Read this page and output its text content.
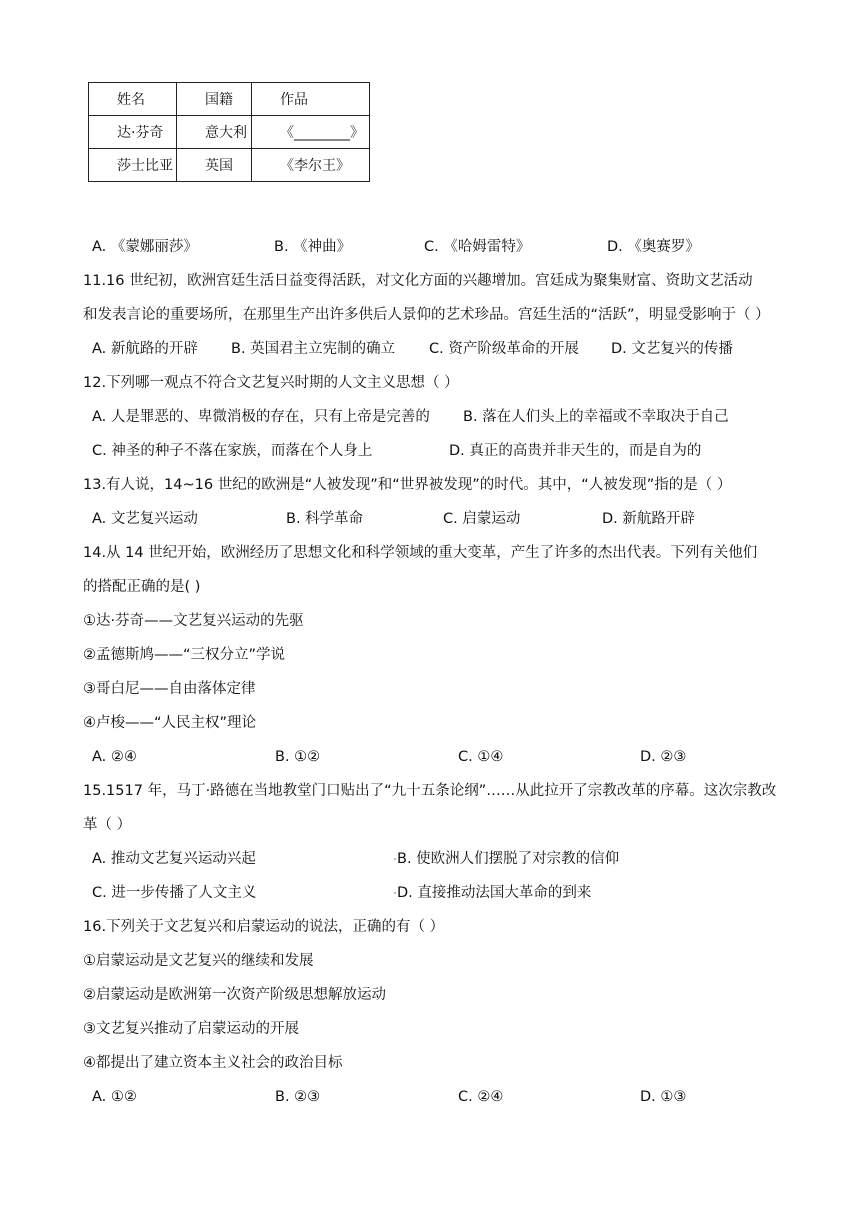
姓名	国籍	作品
达·芬奇	意大利	《________》
莎士比亚	英国	《李尔王》
A. 《蒙娜丽莎》	B. 《神曲》	C. 《哈姆雷特》	D. 《奥赛罗》
11.16 世纪初，欧洲宫廷生活日益变得活跃，对文化方面的兴趣增加。宫廷成为聚集财富、资助文艺活动
和发表言论的重要场所，在那里生产出许多供后人景仰的艺术珍品。宫廷生活的“活跃”，明显受影响于（ ）
A. 新航路的开辟 B. 英国君主立宪制的确立 C. 资产阶级革命的开展 D. 文艺复兴的传播
12.下列哪一观点不符合文艺复兴时期的人文主义思想（ ）
A. 人是罪恶的、卑微消极的存在，只有上帝是完善的 B. 落在人们头上的幸福或不幸取决于自己
C. 神圣的种子不落在家族，而落在个人身上	D. 真正的高贵并非天生的，而是自为的
13.有人说，14~16 世纪的欧洲是“人被发现”和“世界被发现”的时代。其中，“人被发现”指的是（ ）
A. 文艺复兴运动	B. 科学革命	C. 启蒙运动	D. 新航路开辟
14.从 14 世纪开始，欧洲经历了思想文化和科学领域的重大变革，产生了许多的杰出代表。下列有关他们
的搭配正确的是( )
①达·芬奇——文艺复兴运动的先驱
②孟德斯鸠——“三权分立”学说
③哥白尼——自由落体定律
④卢梭——“人民主权”理论
A. ②④	B. ①②	C. ①④	D. ②③
15.1517 年，马丁·路德在当地教堂门口贴出了“九十五条论纲”……从此拉开了宗教改革的序幕。这次宗教改
革（ ）
A. 推动文艺复兴运动兴起	B. 使欧洲人们摆脱了对宗教的信仰
C. 进一步传播了人文主义	D. 直接推动法国大革命的到来
16.下列关于文艺复兴和启蒙运动的说法，正确的有（ ）
①启蒙运动是文艺复兴的继续和发展
②启蒙运动是欧洲第一次资产阶级思想解放运动
③文艺复兴推动了启蒙运动的开展
④都提出了建立资本主义社会的政治目标
A. ①②	B. ②③	C. ②④	D. ①③
